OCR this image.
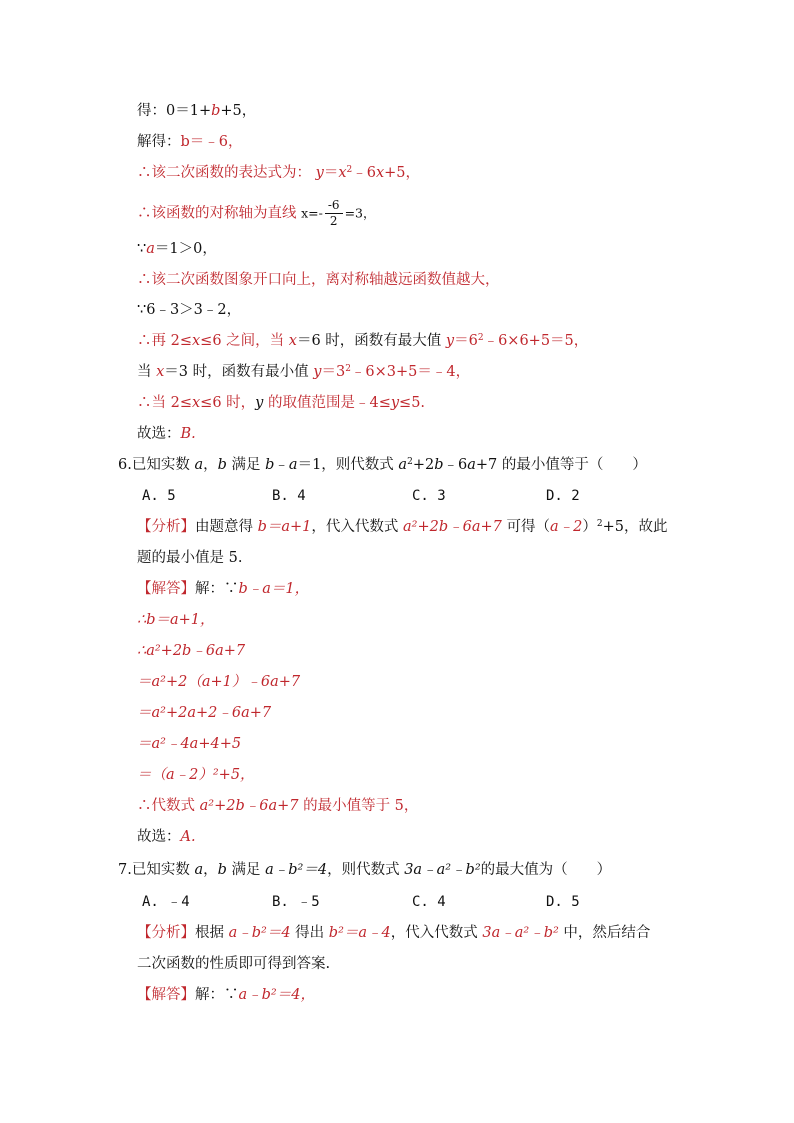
得：0＝1+b+5，
解得：b＝﹣6，
∴该二次函数的表达式为： $y=x^2﹣6x+5$，
∴该函数的对称轴为直线 $x=- \frac{-6}{2} =3$，
∵a＝1＞0，
∴该二次函数图象开口向上，离对称轴越远函数值越大，
∵6﹣3＞3﹣2，
∴再 2≤x≤6 之间，当 x＝6 时，函数有最大值 $y=6^2﹣6\times 6+5=5$，
当 x＝3 时，函数有最小值 $y=3^2﹣6\times 3+5=﹣4$，
∴当 2≤x≤6 时，y 的取值范围是﹣4≤y≤5.
故选：B.
6.已知实数 a，b 满足 b﹣a＝1，则代数式 $a^2+2b﹣6a+7$ 的最小值等于（　　）
A. 5	B. 4	C. 3	D. 2
【分析】由题意得 b＝a+1，代入代数式 a²+2b﹣6a+7 可得（a﹣2）$^2$+5，故此
题的最小值是 5.
【解答】解：∵b﹣a＝1，
∴b＝a+1，
∴a²+2b﹣6a+7
＝a²+2（a+1）﹣6a+7
＝a²+2a+2﹣6a+7
＝a²﹣4a+4+5
＝（a﹣2）²+5，
∴代数式 a²+2b﹣6a+7 的最小值等于 5，
故选：A.
7.已知实数 a，b 满足 a﹣b²＝4，则代数式 3a﹣a²﹣b²的最大值为（　　）
A. ﹣4	B. ﹣5	C. 4	D. 5
【分析】根据 a﹣b²＝4 得出 b²＝a﹣4，代入代数式 3a﹣a²﹣b² 中，然后结合
二次函数的性质即可得到答案.
【解答】解：∵a﹣b²＝4，
